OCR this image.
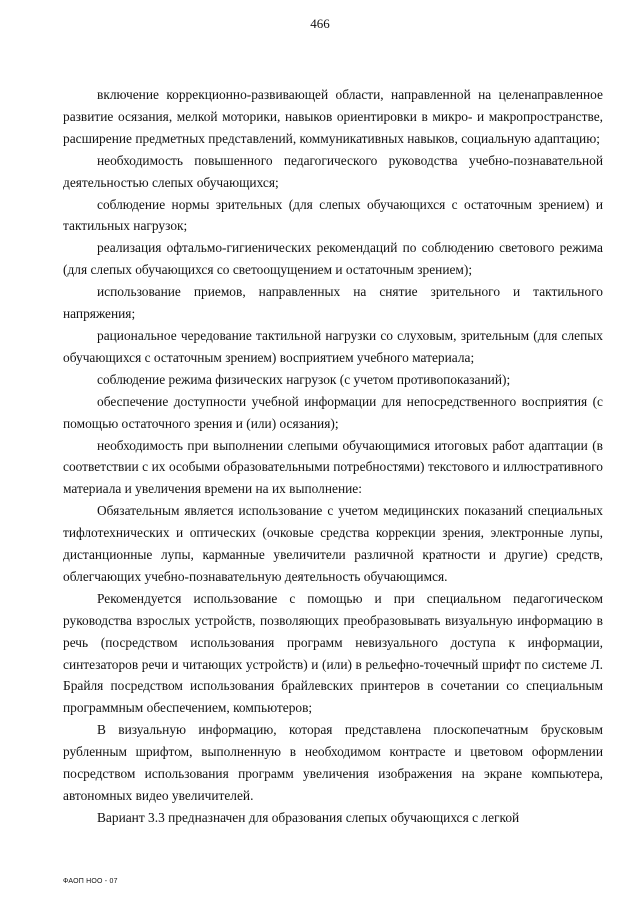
466

включение коррекционно-развивающей области, направленной на целенаправленное развитие осязания, мелкой моторики, навыков ориентировки в микро- и макропространстве, расширение предметных представлений, коммуникативных навыков, социальную адаптацию;

необходимость повышенного педагогического руководства учебно-познавательной деятельностью слепых обучающихся;

соблюдение нормы зрительных (для слепых обучающихся с остаточным зрением) и тактильных нагрузок;

реализация офтальмо-гигиенических рекомендаций по соблюдению светового режима (для слепых обучающихся со светоощущением и остаточным зрением);

использование приемов, направленных на снятие зрительного и тактильного напряжения;

рациональное чередование тактильной нагрузки со слуховым, зрительным (для слепых обучающихся с остаточным зрением) восприятием учебного материала;

соблюдение режима физических нагрузок (с учетом противопоказаний);

обеспечение доступности учебной информации для непосредственного восприятия (с помощью остаточного зрения и (или) осязания);

необходимость при выполнении слепыми обучающимися итоговых работ адаптации (в соответствии с их особыми образовательными потребностями) текстового и иллюстративного материала и увеличения времени на их выполнение:

Обязательным является использование с учетом медицинских показаний специальных тифлотехнических и оптических (очковые средства коррекции зрения, электронные лупы, дистанционные лупы, карманные увеличители различной кратности и другие) средств, облегчающих учебно-познавательную деятельность обучающимся.

Рекомендуется использование с помощью и при специальном педагогическом руководства взрослых устройств, позволяющих преобразовывать визуальную информацию в речь (посредством использования программ невизуального доступа к информации, синтезаторов речи и читающих устройств) и (или) в рельефно-точечный шрифт по системе Л. Брайля посредством использования брайлевских принтеров в сочетании со специальным программным обеспечением, компьютеров;

В визуальную информацию, которая представлена плоскопечатным брусковым рубленным шрифтом, выполненную в необходимом контрасте и цветовом оформлении посредством использования программ увеличения изображения на экране компьютера, автономных видео увеличителей.

Вариант 3.3 предназначен для образования слепых обучающихся с легкой

ФАОП НОО - 07
